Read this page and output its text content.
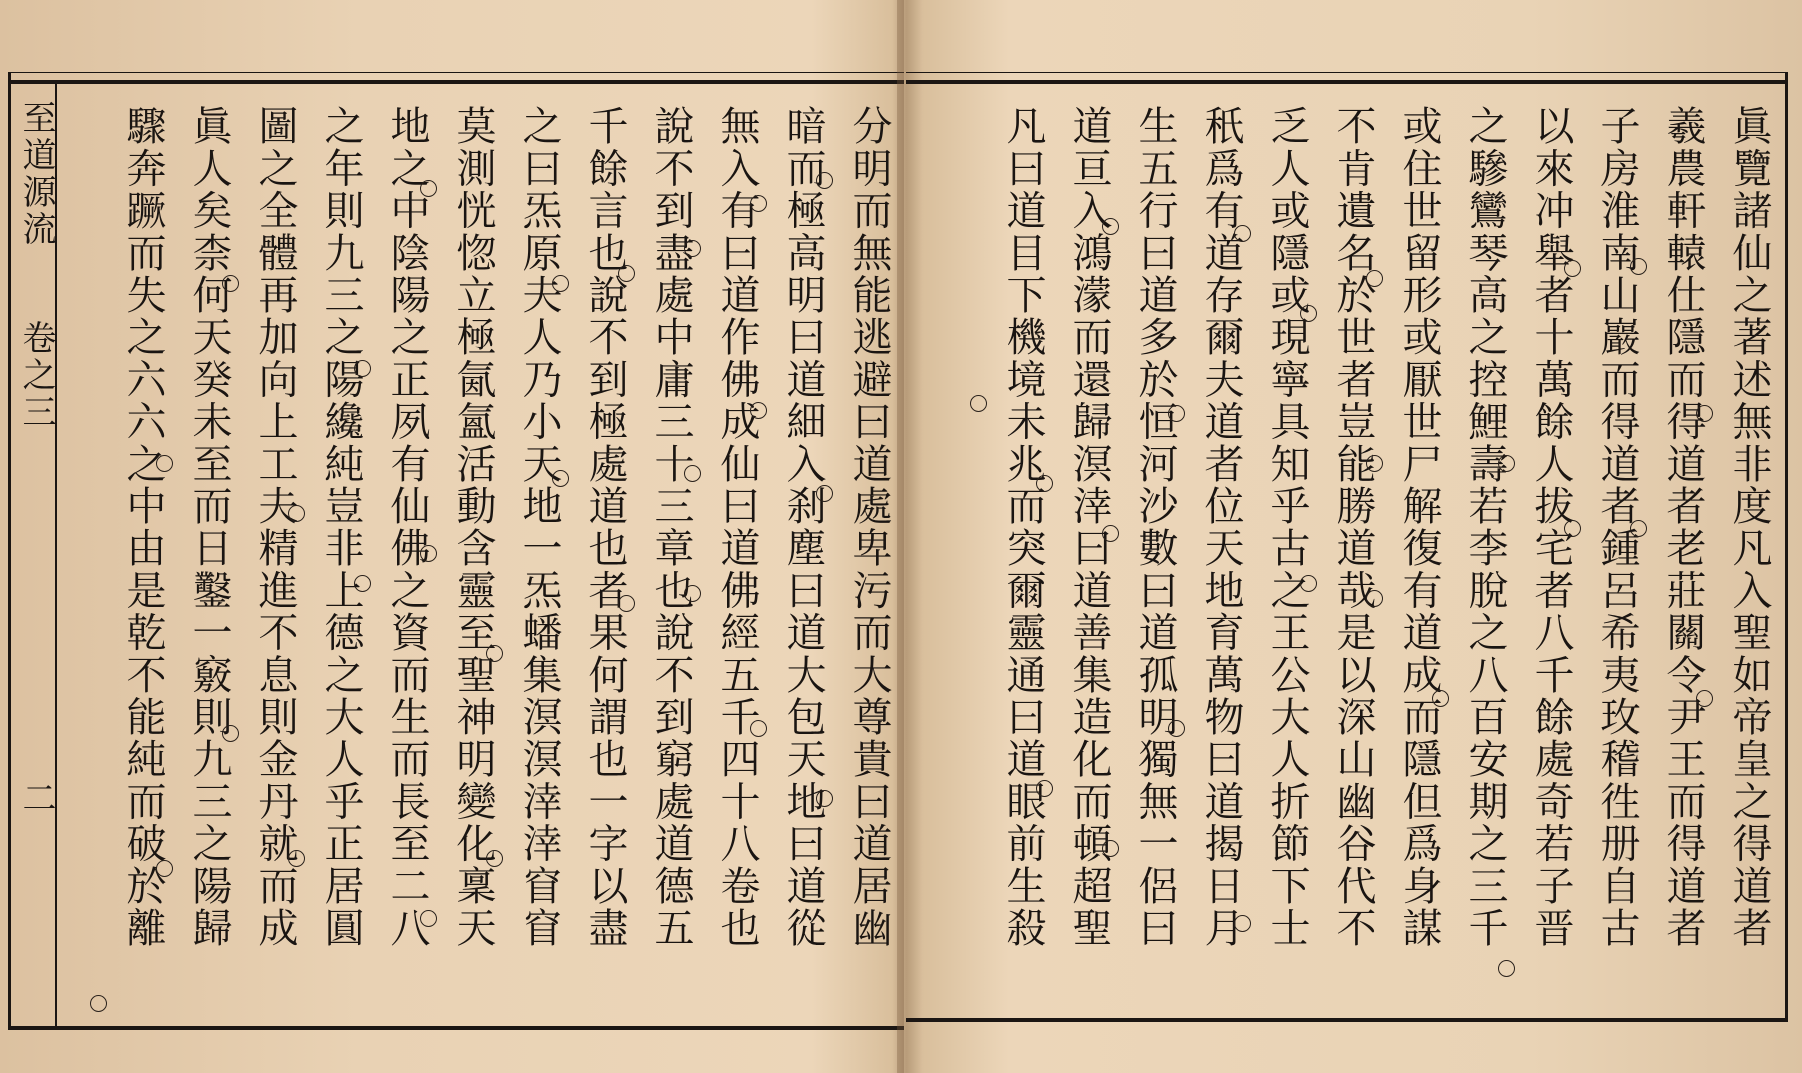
至道源流
卷之三
二	分明而無能逃避曰道處卑污而大尊貴曰道居幽
暗而極高明曰道細入刹塵曰道大包天地曰道從
無入有曰道作佛成仙曰道佛經五千四十八卷也
說不到盡處中庸三十三章也說不到窮處道德五
千餘言也說不到極處道也者果何謂也一字以盡
之曰炁原夫人乃小天地一炁蟠集溟溟涬涬窅窅
莫測恍惚立極氤氳活動含靈至聖神明變化稟天
地之中陰陽之正夙有仙佛之資而生而長至二八
之年則九三之陽纔純豈非上德之大人乎正居圓
圖之全體再加向上工夫精進不息則金丹就而成
眞人矣柰何天癸未至而日鑿一竅則九三之陽歸
驟奔蹶而失之六六之中由是乾不能純而破於離	眞覽諸仙之著述無非度凡入聖如帝皇之得道者
羲農軒轅仕隱而得道者老莊關令尹王而得道者
子房淮南山巖而得道者鍾呂希夷玫稽徃册自古
以來冲舉者十萬餘人拔宅者八千餘處奇若子晋
之驂鸞琴高之控鯉壽若李脫之八百安期之三千
或住世留形或厭世尸解復有道成而隱但爲身謀
不肯遺名於世者豈能勝道哉是以深山幽谷代不
乏人或隱或現寧具知乎古之王公大人折節下士
秖爲有道存爾夫道者位天地育萬物曰道揭日月
生五行曰道多於恒河沙數曰道孤明獨無一侶曰
道亘入鴻濛而還歸溟涬曰道善集造化而頓超聖
凡曰道目下機境未兆而突爾靈通曰道眼前生殺
